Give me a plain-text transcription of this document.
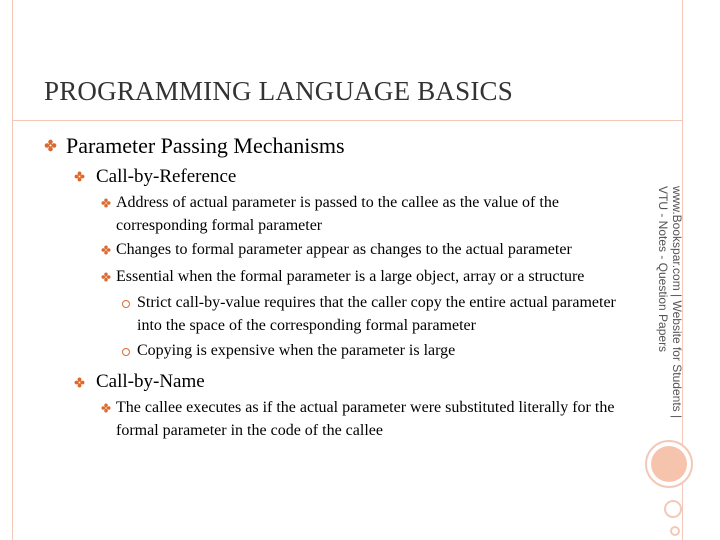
PROGRAMMING LANGUAGE BASICS
Parameter Passing Mechanisms
Call-by-Reference
Address of actual parameter is passed to the callee as the value of the
corresponding formal parameter
Changes to formal parameter appear as changes to the actual parameter
Essential when the formal parameter is a large object, array or a structure
Strict call-by-value requires that the caller copy the entire actual parameter
into the space of the corresponding formal parameter
Copying is expensive when the parameter is large
Call-by-Name
The callee executes as if the actual parameter were substituted literally for the
formal parameter in the code of the callee
www.Bookspar.com | Website for Students |
VTU - Notes - Question Papers
